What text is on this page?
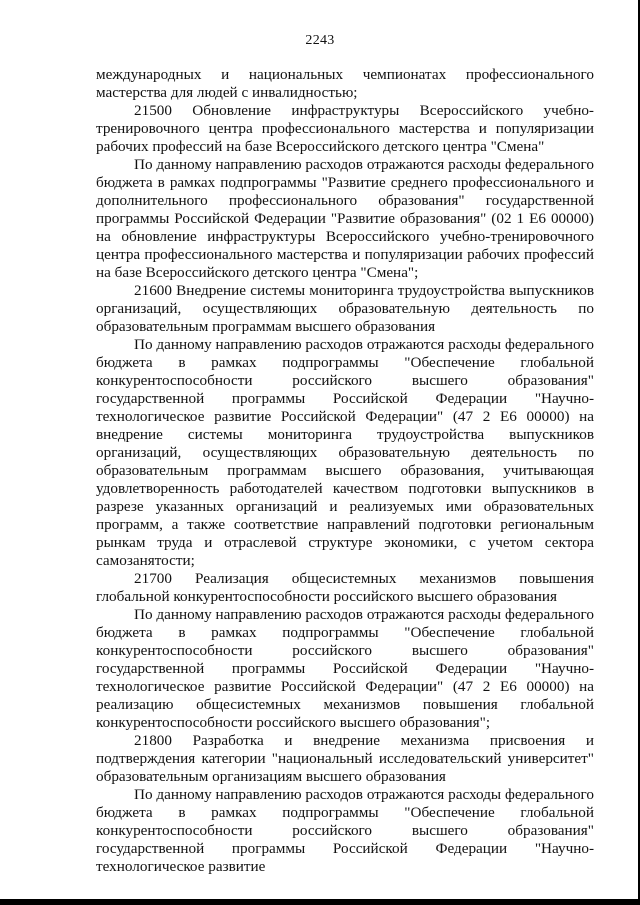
2243

международных и национальных чемпионатах профессионального мастерства для людей с инвалидностью;

21500 Обновление инфраструктуры Всероссийского учебно-тренировочного центра профессионального мастерства и популяризации рабочих профессий на базе Всероссийского детского центра "Смена"

По данному направлению расходов отражаются расходы федерального бюджета в рамках подпрограммы "Развитие среднего профессионального и дополнительного профессионального образования" государственной программы Российской Федерации "Развитие образования" (02 1 Е6 00000) на обновление инфраструктуры Всероссийского учебно-тренировочного центра профессионального мастерства и популяризации рабочих профессий на базе Всероссийского детского центра "Смена";

21600 Внедрение системы мониторинга трудоустройства выпускников организаций, осуществляющих образовательную деятельность по образовательным программам высшего образования

По данному направлению расходов отражаются расходы федерального бюджета в рамках подпрограммы "Обеспечение глобальной конкурентоспособности российского высшего образования" государственной программы Российской Федерации "Научно-технологическое развитие Российской Федерации" (47 2 Е6 00000) на внедрение системы мониторинга трудоустройства выпускников организаций, осуществляющих образовательную деятельность по образовательным программам высшего образования, учитывающая удовлетворенность работодателей качеством подготовки выпускников в разрезе указанных организаций и реализуемых ими образовательных программ, а также соответствие направлений подготовки региональным рынкам труда и отраслевой структуре экономики, с учетом сектора самозанятости;

21700 Реализация общесистемных механизмов повышения глобальной конкурентоспособности российского высшего образования

По данному направлению расходов отражаются расходы федерального бюджета в рамках подпрограммы "Обеспечение глобальной конкурентоспособности российского высшего образования" государственной программы Российской Федерации "Научно-технологическое развитие Российской Федерации" (47 2 Е6 00000) на реализацию общесистемных механизмов повышения глобальной конкурентоспособности российского высшего образования";

21800 Разработка и внедрение механизма присвоения и подтверждения категории "национальный исследовательский университет" образовательным организациям высшего образования

По данному направлению расходов отражаются расходы федерального бюджета в рамках подпрограммы "Обеспечение глобальной конкурентоспособности российского высшего образования" государственной программы Российской Федерации "Научно-технологическое развитие
